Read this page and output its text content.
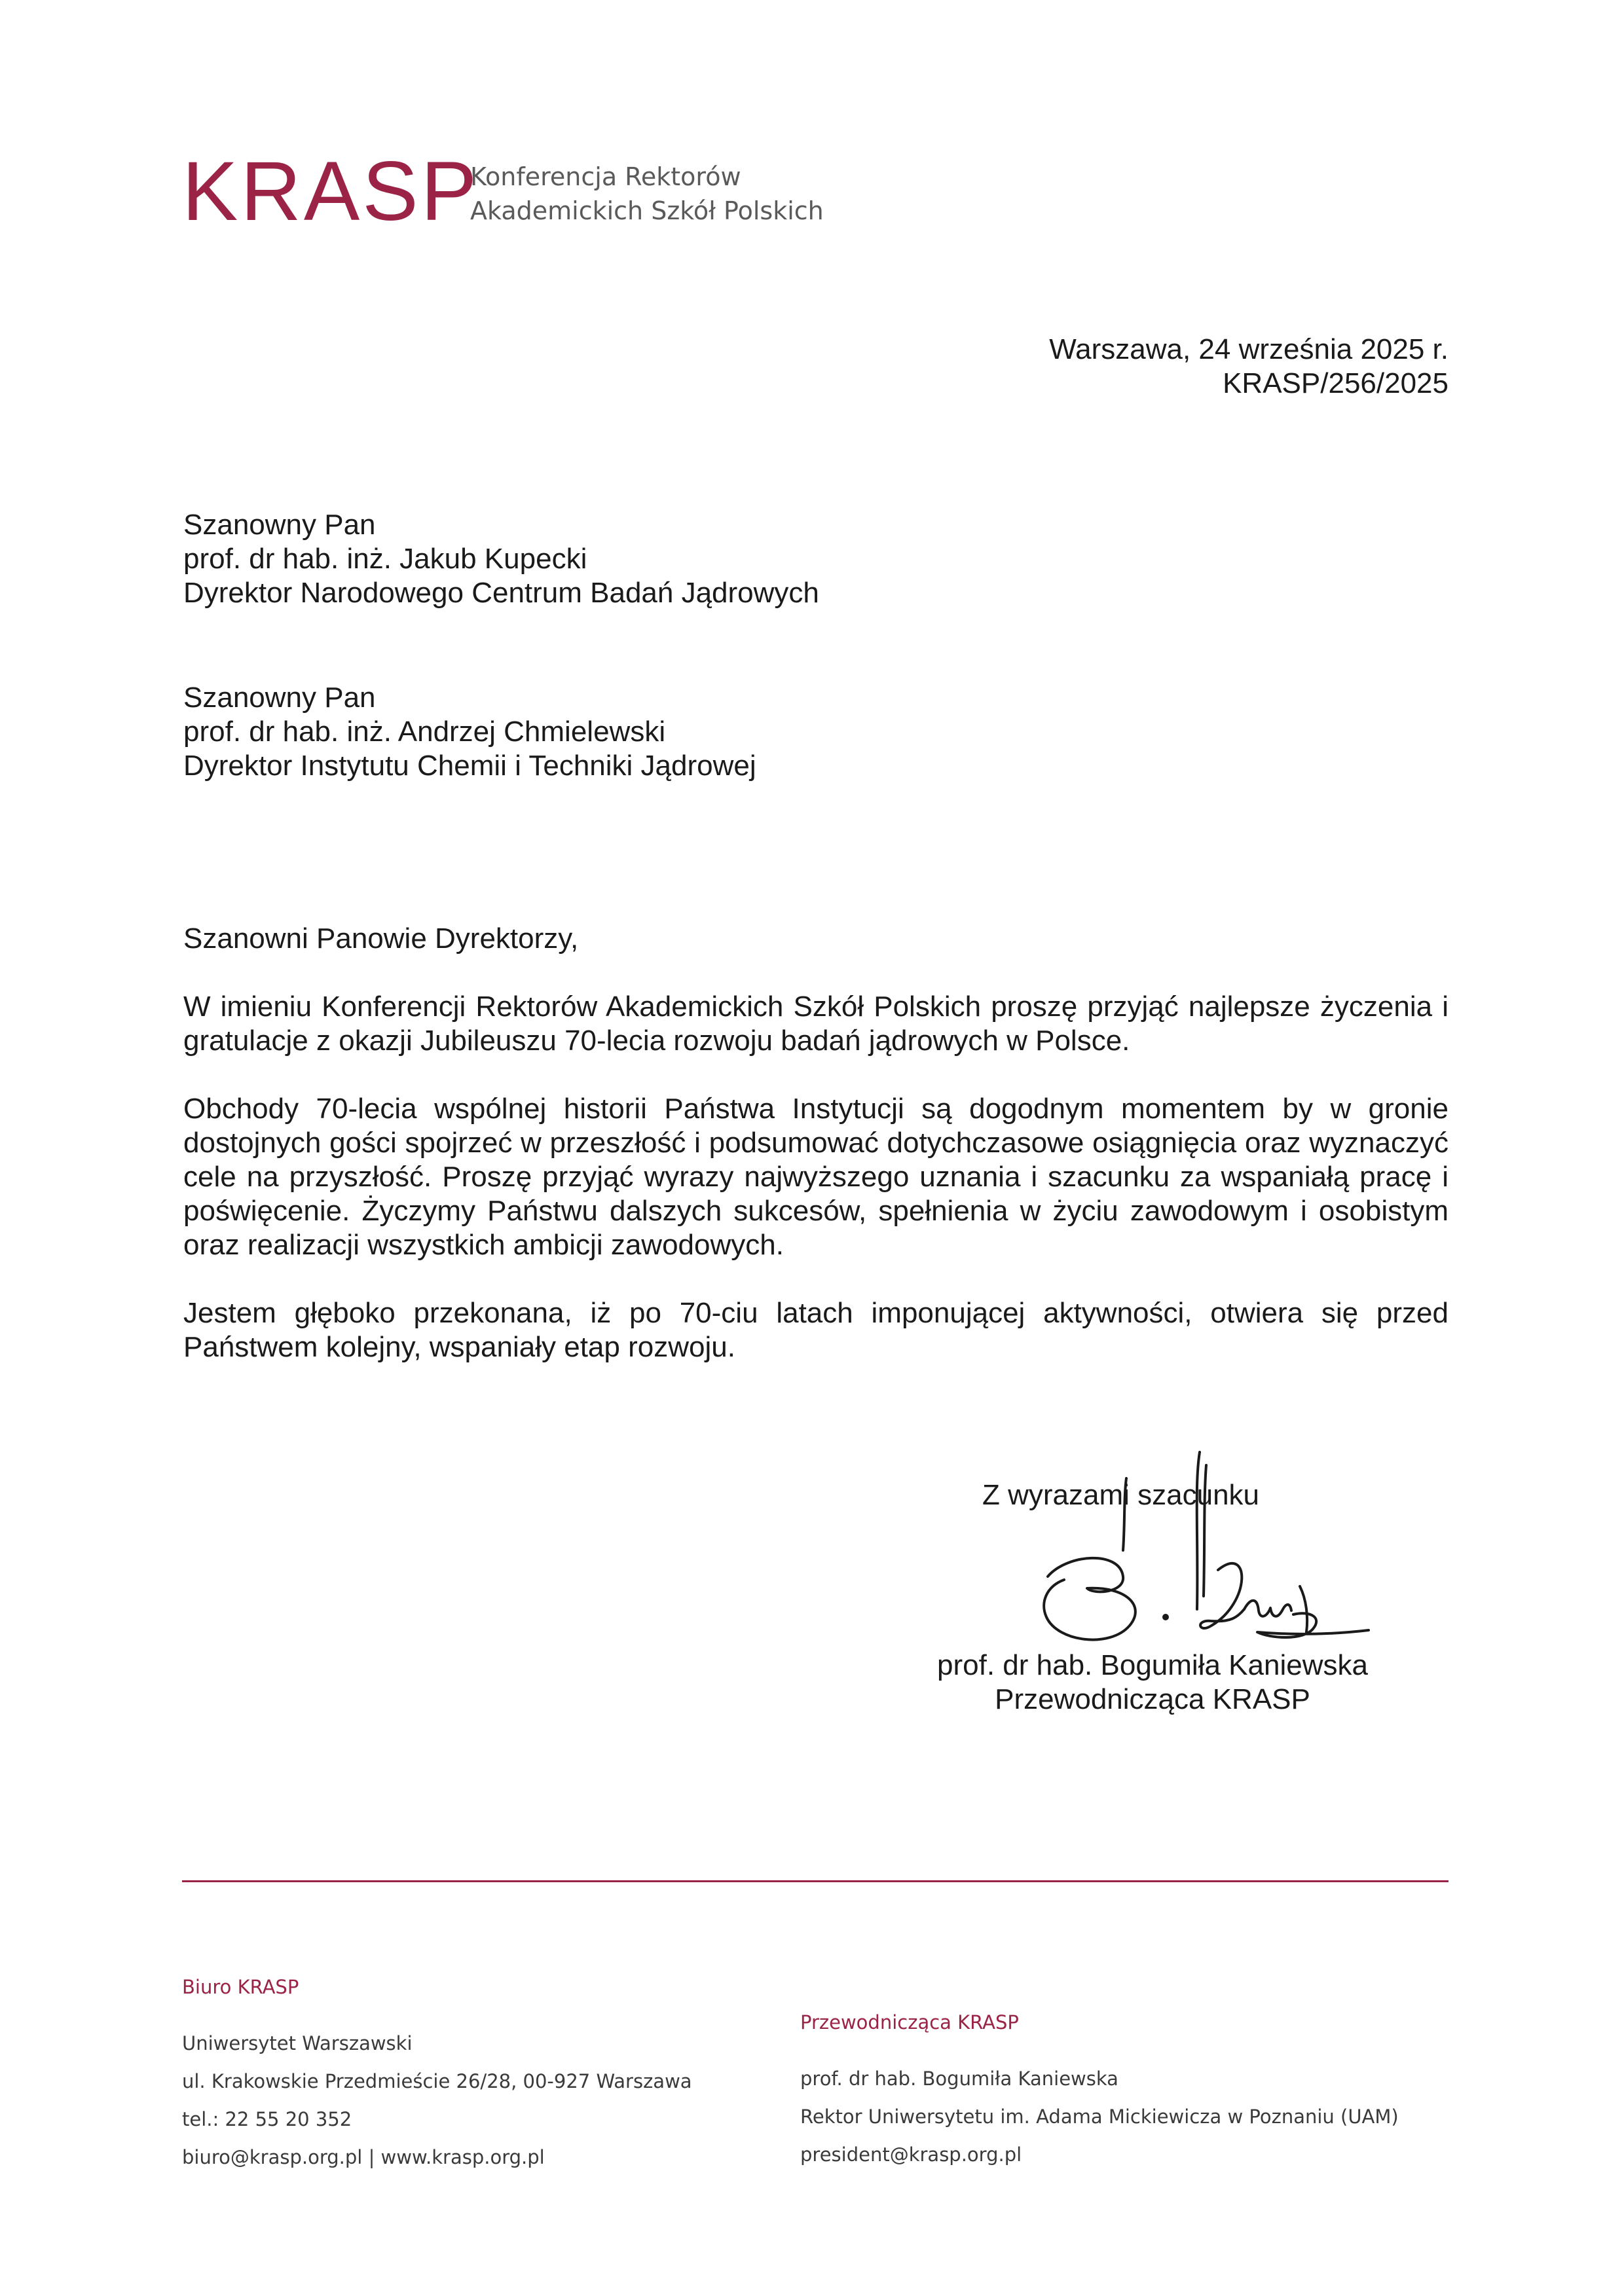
KRASP
Konferencja Rektorów
Akademickich Szkół Polskich
Warszawa, 24 września 2025 r.
KRASP/256/2025
Szanowny Pan
prof. dr hab. inż. Jakub Kupecki
Dyrektor Narodowego Centrum Badań Jądrowych
Szanowny Pan
prof. dr hab. inż. Andrzej Chmielewski
Dyrektor Instytutu Chemii i Techniki Jądrowej
Szanowni Panowie Dyrektorzy,

W imieniu Konferencji Rektorów Akademickich Szkół Polskich proszę przyjąć najlepsze życzenia i gratulacje z okazji Jubileuszu 70-lecia rozwoju badań jądrowych w Polsce.

Obchody 70-lecia wspólnej historii Państwa Instytucji są dogodnym momentem by w gronie dostojnych gości spojrzeć w przeszłość i podsumować dotychczasowe osiągnięcia oraz wyznaczyć cele na przyszłość. Proszę przyjąć wyrazy najwyższego uznania i szacunku za wspaniałą pracę i poświęcenie. Życzymy Państwu dalszych sukcesów, spełnienia w życiu zawodowym i osobistym oraz realizacji wszystkich ambicji zawodowych.

Jestem głęboko przekonana, iż po 70-ciu latach imponującej aktywności, otwiera się przed Państwem kolejny, wspaniały etap rozwoju.

Z wyrazami szacunku
prof. dr hab. Bogumiła Kaniewska
Przewodnicząca KRASP
Biuro KRASP
Uniwersytet Warszawski
ul. Krakowskie Przedmieście 26/28, 00-927 Warszawa
tel.: 22 55 20 352
biuro@krasp.org.pl | www.krasp.org.pl
Przewodnicząca KRASP
prof. dr hab. Bogumiła Kaniewska
Rektor Uniwersytetu im. Adama Mickiewicza w Poznaniu (UAM)
president@krasp.org.pl
